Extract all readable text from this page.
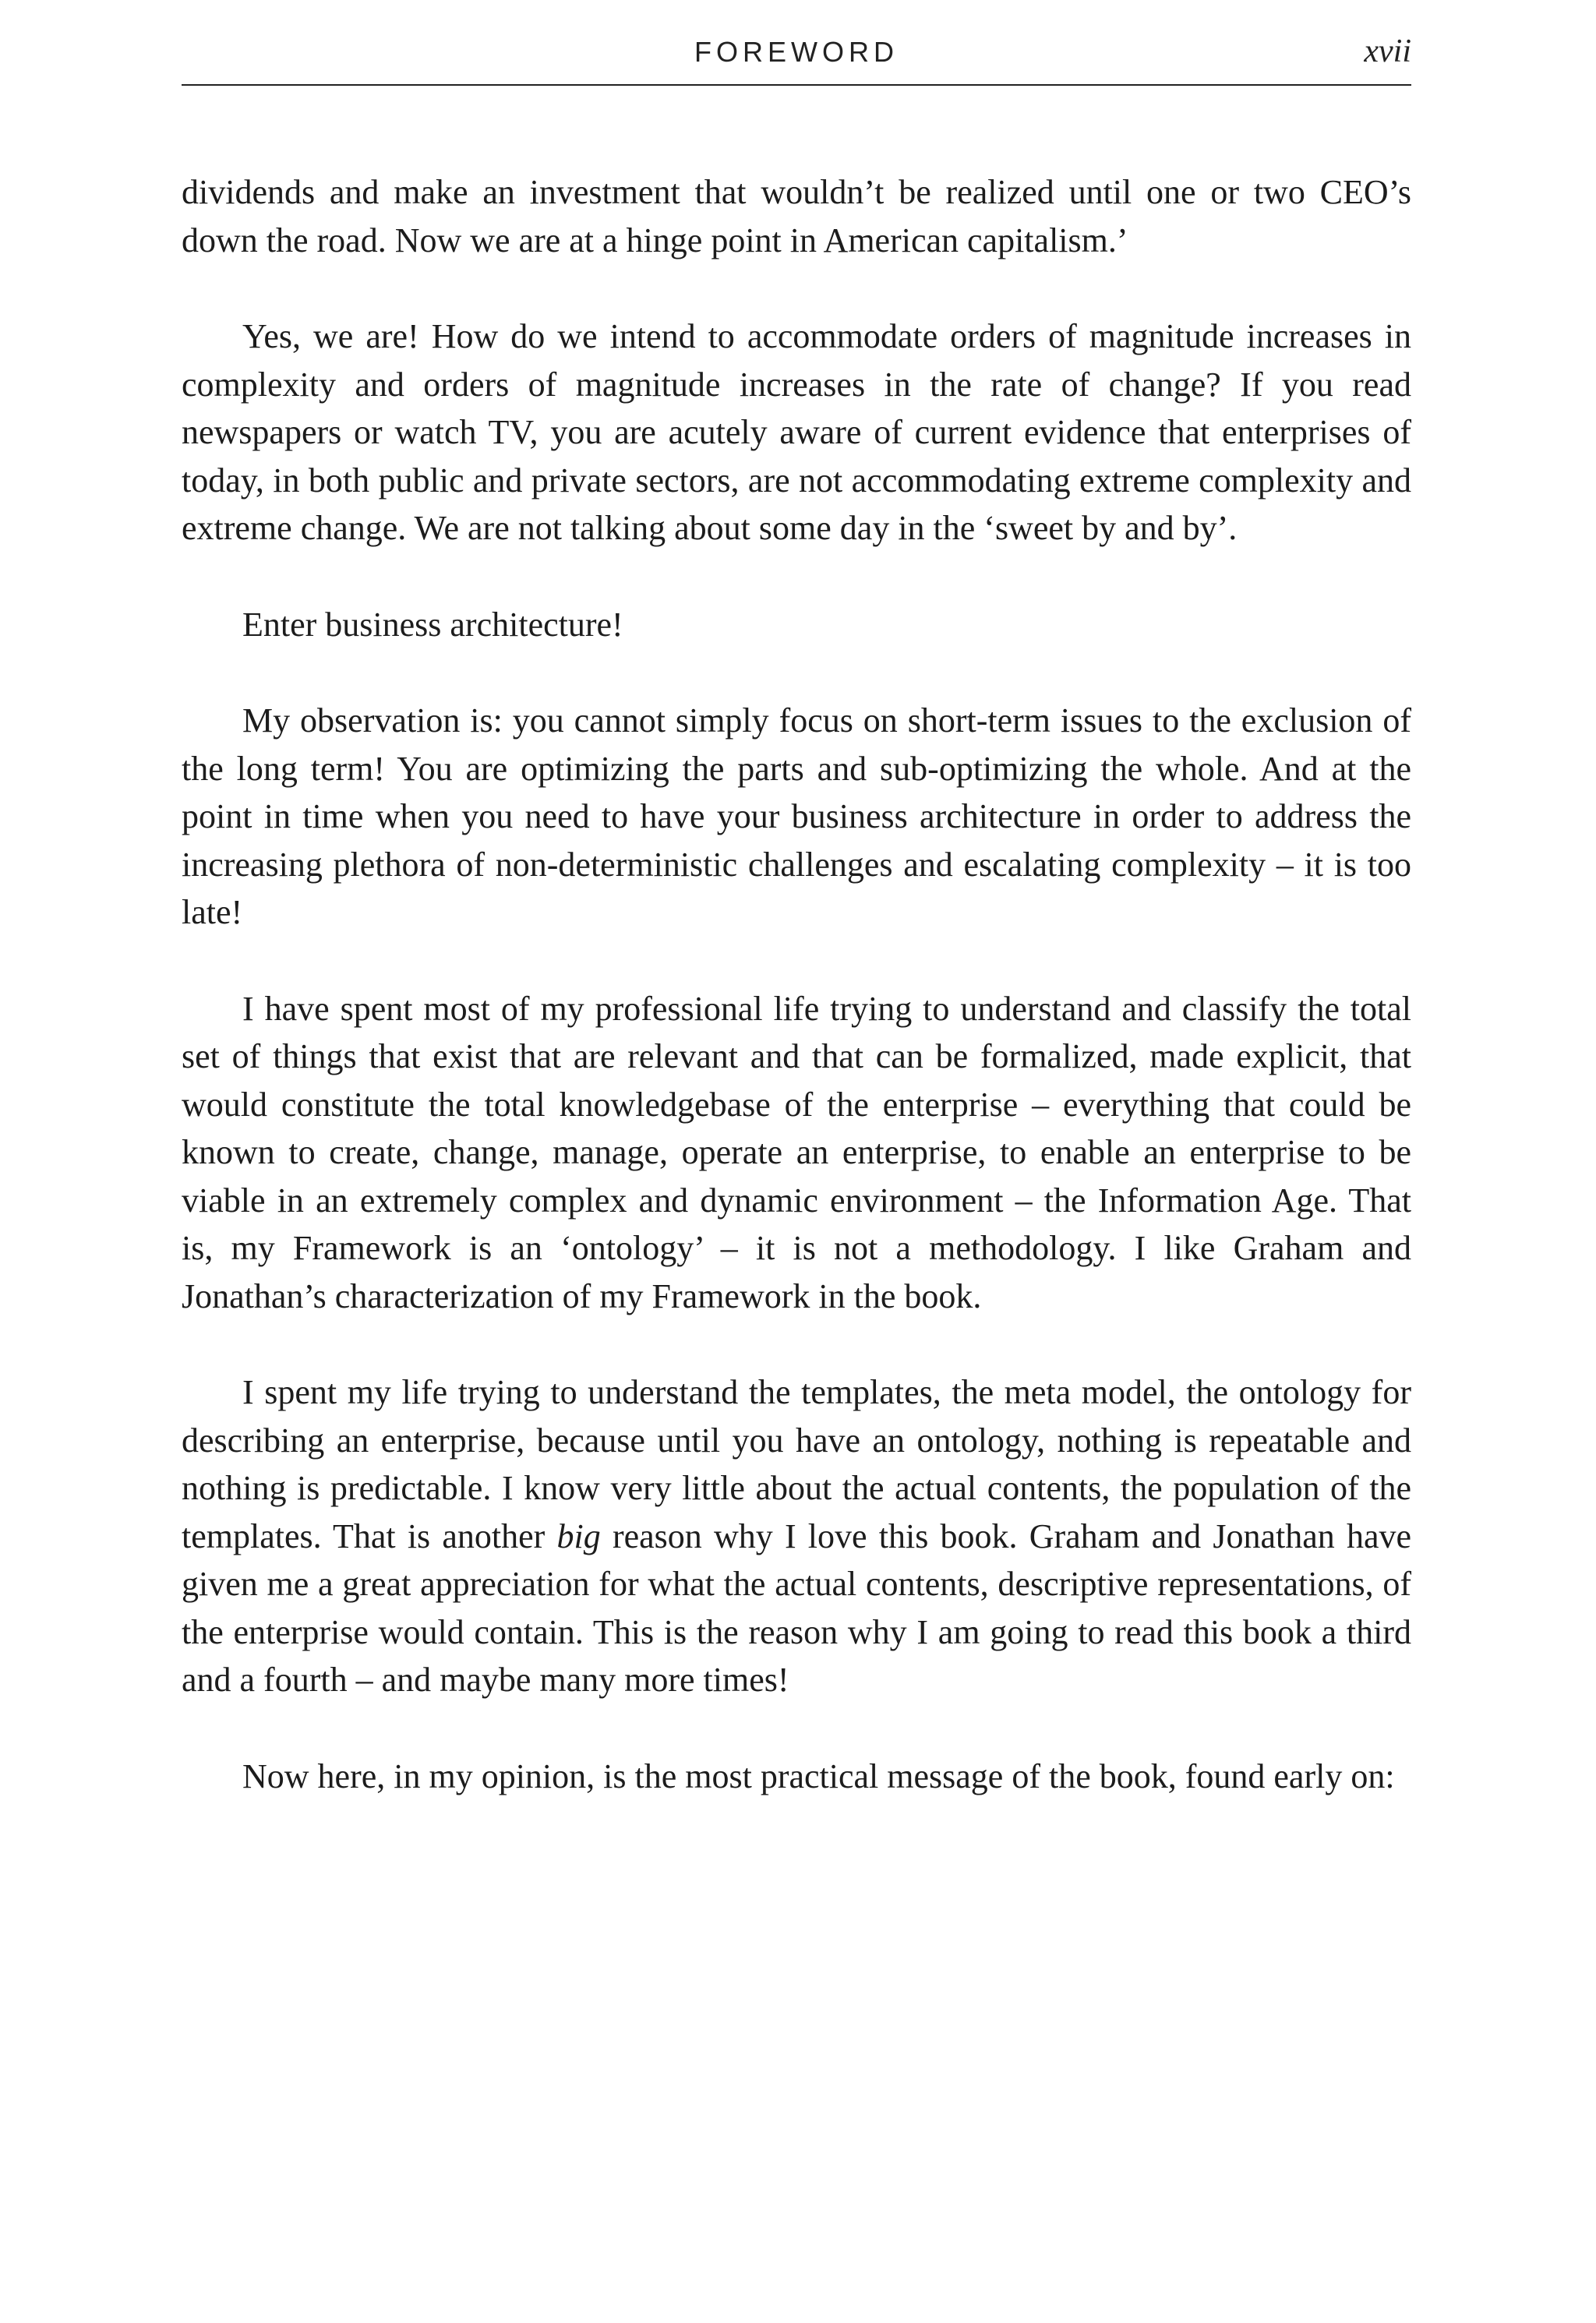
FOREWORD	xvii

dividends and make an investment that wouldn’t be realized until one or two CEO’s down the road. Now we are at a hinge point in American capitalism.’

Yes, we are! How do we intend to accommodate orders of magnitude increases in complexity and orders of magnitude increases in the rate of change? If you read newspapers or watch TV, you are acutely aware of current evidence that enterprises of today, in both public and private sectors, are not accommodating extreme complexity and extreme change. We are not talking about some day in the ‘sweet by and by’.

Enter business architecture!

My observation is: you cannot simply focus on short-term issues to the exclusion of the long term! You are optimizing the parts and sub-optimizing the whole. And at the point in time when you need to have your business architecture in order to address the increasing plethora of non-deterministic challenges and escalating complexity – it is too late!

I have spent most of my professional life trying to understand and classify the total set of things that exist that are relevant and that can be formalized, made explicit, that would constitute the total knowledgebase of the enterprise – everything that could be known to create, change, manage, operate an enterprise, to enable an enterprise to be viable in an extremely complex and dynamic environment – the Information Age. That is, my Framework is an ‘ontology’ – it is not a methodology. I like Graham and Jonathan’s characterization of my Framework in the book.

I spent my life trying to understand the templates, the meta model, the ontology for describing an enterprise, because until you have an ontology, nothing is repeatable and nothing is predictable. I know very little about the actual contents, the population of the templates. That is another big reason why I love this book. Graham and Jonathan have given me a great appreciation for what the actual contents, descriptive representations, of the enterprise would contain. This is the reason why I am going to read this book a third and a fourth – and maybe many more times!

Now here, in my opinion, is the most practical message of the book, found early on:
